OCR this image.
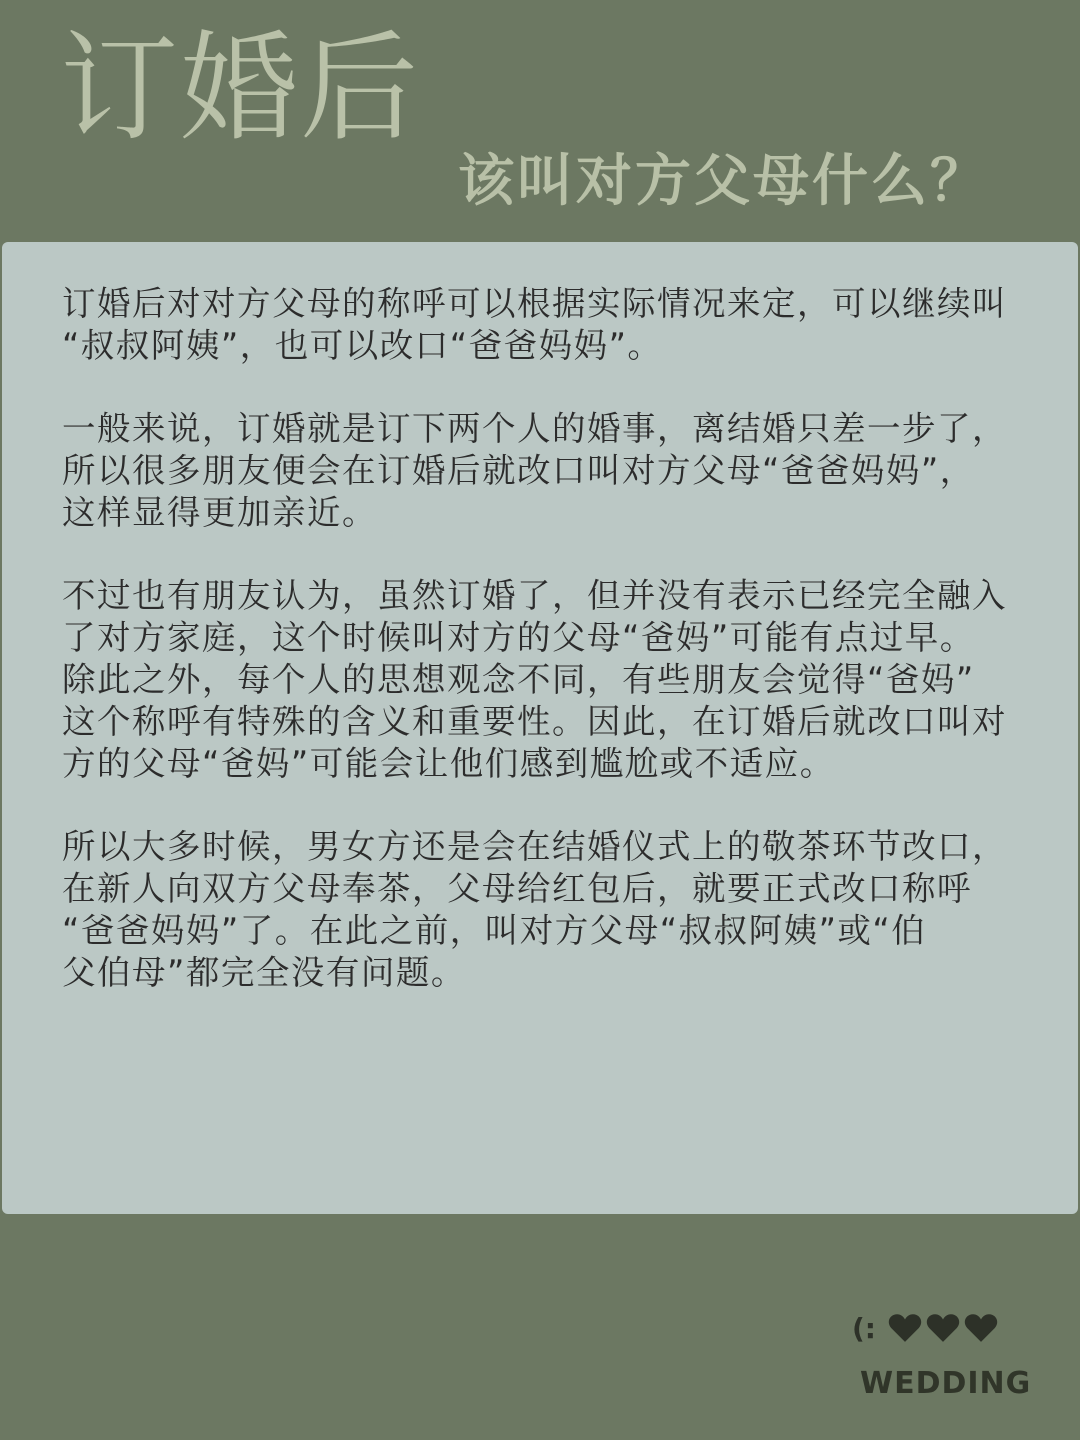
订婚后
该叫对方父母什么？

订婚后对对方父母的称呼可以根据实际情况来定，可以继续叫
“叔叔阿姨”，也可以改口“爸爸妈妈”。

一般来说，订婚就是订下两个人的婚事，离结婚只差一步了，
所以很多朋友便会在订婚后就改口叫对方父母“爸爸妈妈”，
这样显得更加亲近。

不过也有朋友认为，虽然订婚了，但并没有表示已经完全融入
了对方家庭，这个时候叫对方的父母“爸妈”可能有点过早。
除此之外，每个人的思想观念不同，有些朋友会觉得“爸妈”
这个称呼有特殊的含义和重要性。因此，在订婚后就改口叫对
方的父母“爸妈”可能会让他们感到尴尬或不适应。

所以大多时候，男女方还是会在结婚仪式上的敬茶环节改口，
在新人向双方父母奉茶，父母给红包后，就要正式改口称呼
“爸爸妈妈”了。在此之前，叫对方父母“叔叔阿姨”或“伯
父伯母”都完全没有问题。

(:
WEDDING
